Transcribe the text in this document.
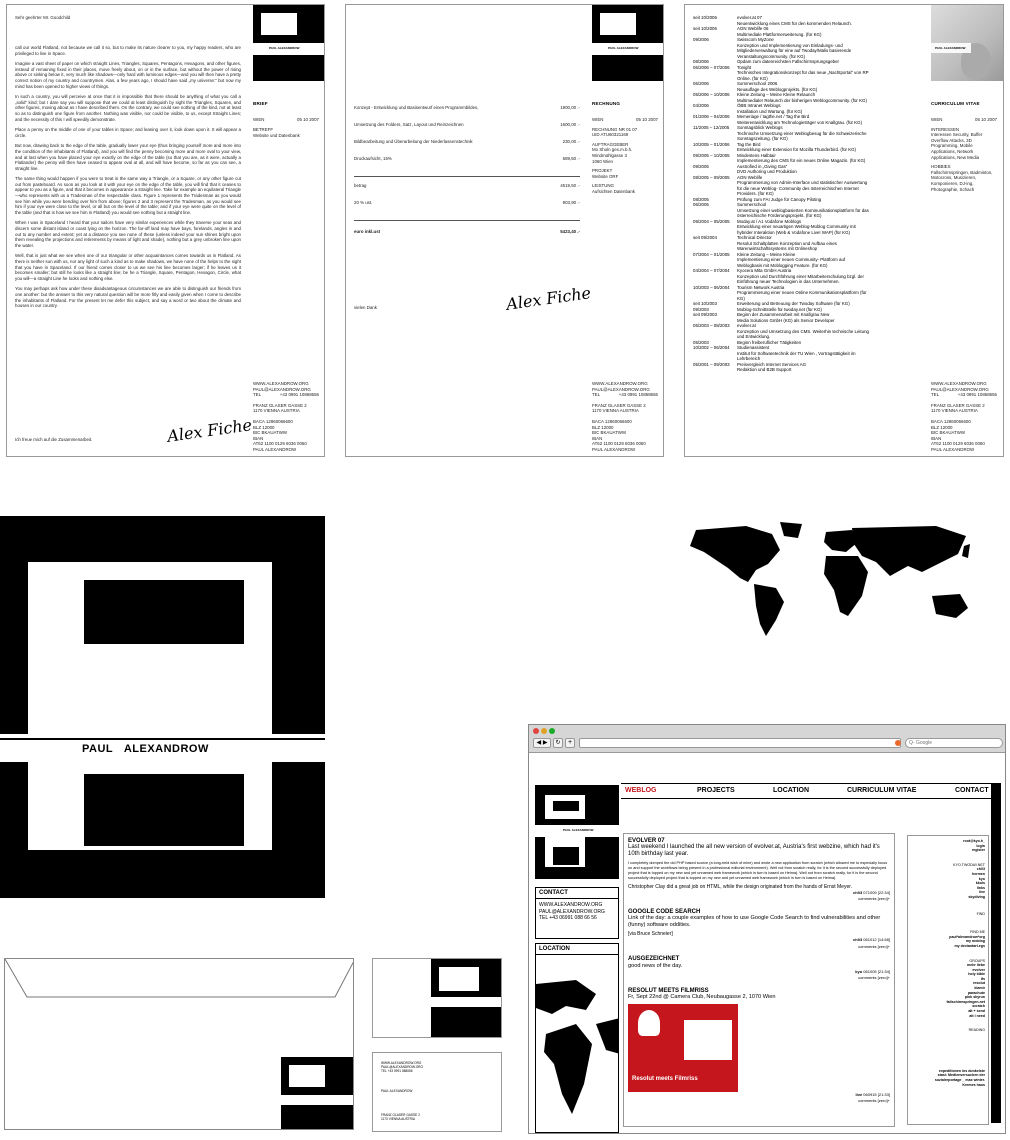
Sehr geehrter Mr. Goodchild

call our world Flatland, not because we call it so, but to make its nature clearer to you, my happy readers, who are privileged to live in Space.

Imagine a vast sheet of paper on which straight Lines, Triangles, Squares, Pentagons, Hexagons, and other figures, instead of remaining fixed in their places, move freely about, on or in the surface, but without the power of rising above or sinking below it, very much like shadows—only hard with luminous edges—and you will then have a pretty correct notion of my country and countrymen. Alas, a few years ago, I should have said „my universe:“ but now my mind has been opened to higher views of things.

In such a country, you will perceive at once that it is impossible that there should be anything of what you call a „solid“ kind; but I dare say you will suppose that we could at least distinguish by sight the Triangles, Squares, and other figures, moving about as I have described them. On the contrary, we could see nothing of the kind, not at least so as to distinguish one figure from another. Nothing was visible, nor could be visible, to us, except Straight Lines; and the necessity of this I will speedily demonstrate.

Place a penny on the middle of one of your tables in Space; and leaning over it, look down upon it. It will appear a circle.

But now, drawing back to the edge of the table, gradually lower your eye (thus bringing yourself more and more into the condition of the inhabitants of Flatland), and you will find the penny becoming more and more oval to your view, and at last when you have placed your eye exactly on the edge of the table (so that you are, as it were, actually a Flatlander) the penny will then have ceased to appear oval at all, and will have become, so far as you can see, a straight line.

The same thing would happen if you were to treat in the same way a Triangle, or a Square, or any other figure cut out from pasteboard. As soon as you look at it with your eye on the edge of the table, you will find that it ceases to appear to you as a figure, and that it becomes in appearance a straight line. Take for example an equilateral Triangle—who represents with us a Tradesman of the respectable class. Figure 1 represents the Tradesman as you would see him while you were bending over him from above; figures 2 and 3 represent the Tradesman, as you would see him if your eye were close to the level, or all but on the level of the table; and if your eye were quite on the level of the table (and that is how we see him in Flatland) you would see nothing but a straight line.

When I was in Spaceland I heard that your sailors have very similar experiences while they traverse your seas and discern some distant island or coast lying on the horizon. The far-off land may have bays, forelands, angles in and out to any number and extent; yet at a distance you see none of these (unless indeed your sun shines bright upon them revealing the projections and retirements by means of light and shade), nothing but a grey unbroken line upon the water.

Well, that is just what we see when one of our triangular or other acquaintances comes towards us in Flatland. As there is neither sun with us, nor any light of such a kind as to make shadows, we have none of the helps to the sight that you have in Spaceland. If our friend comes closer to us we see his line becomes larger; if he leaves us it becomes smaller; but still he looks like a straight line; be he a Triangle, Square, Pentagon, Hexagon, Circle, what you will—a straight Line he looks and nothing else.

You may perhaps ask how under these disadvantageous circumstances we are able to distinguish our friends from one another: but the answer to this very natural question will be more fitly and easily given when I come to describe the inhabitants of Flatland. For the present let me defer this subject, and say a word or two about the climate and houses in our country.

Ich freue mich auf die Zusammenarbeit.	Alex Fiche
PAUL ALEXANDROW
BRIEF
WIEN	05 10 2007
BETREFF
Website und Datenbank
WWW.ALEXANDROW.ORG
PAUL@ALEXANDROW.ORG
TEL	+43 0991 10868656
FRANZ GLASER GASSE 2
1170 VIENNA AUSTRIA
BACA 12860066600
BLZ 12000
BIC BKAUATWW
IBAN
AT62 1100 0129 6036 0060
PAUL ALEXANDROW
Konzept - Entwicklung und Basisentwurf eines Programmbildes,	1900,00 .-
Umsetzung des Folders, Satz, Layout und Reinzeichnen	1600,00 .-
Bildbearbeitung und Überarbeitung der Niederlassenstechnik	230,00 .-
Druckaufsicht, 15%	589,50 .-
betrag	4519,50 .-
20 % ust.	903,90 .-
euro inkl.ust	5423,40 .-
vielen Dank	Alex Fiche
PAUL ALEXANDROW
RECHNUNG
WIEN	05 10 2007
RECHNUNG NR 01 07
UID ATU60321169
AUFTRAGGEBER
Mo Sholn ges.m.b.h.
Windmühlgasse 3
1060 Wien
PROJEKT
Website ORF
LEISTUNG
Aufsichten Datenbank
WWW.ALEXANDROW.ORG
PAUL@ALEXANDROW.ORG
TEL	+43 0991 10868656
FRANZ GLASER GASSE 2
1170 VIENNA AUSTRIA
BACA 12860066600
BLZ 12000
BIC BKAUATWW
IBAN
AT62 1100 0129 6036 0060
PAUL ALEXANDROW
seit 10/2006	evolver.at 07
Neuentwicklung eines CMS für den kommenden Relaunch.
seit 10/2006	AON Weblife 06
Multimediale Plattformerweiterung. (für KG)
09/2006	Swisscom MyZone
Konzeption und Implementierung von Einladungs- und
Mitgliederverwaltung für eine auf Twoday/Malis basierende
Veranstaltungscommunity. (für KG)
08/2006	Opdam zum datenreichsten Fallschirmsprungsgeber
06/2006 – 07/2006	Tonight
Technisches Integrationskonzept für das neue „Nachtportal“ von RP
Online. (für KG)
06/2006	Sommerschool 2006
Neuauflage des Weblogprojekts. (für KG)
05/2006 – 10/2006	Kleine Zeitung – Meine Kleine Relaunch
Multimedialer Relaunch der bisherigen Weblogcommunity. (für KG)
04/2006	ÖBB Intranet Weblogs
Installation und Wartung. (für KG)
01/2006 – 04/2006	Memeriage / tagthe.net / Tag the Bird
Weiterentwicklung am Technologieträger von Knallgrau. (für KG)
11/2005 – 12/2005	Sonntagsblick Weblogs
Technische Umsetzung einer Weblogbesug für die Schweizerische
Sonntagszeitung. (für KG)
10/2005 – 01/2006	Tag the Bird
Entwicklung einer Extension für Mozilla Thunderbird. (für KG)
09/2005 – 10/2005	Mindestens Halbtair
Implementierung des CMS für ein neues Online Magazin. (für KG)
09/2005	Austrofied in „Giving Gas“
DVD Authoring und Produktion
08/2005 – 09/2005	AON Weblife
Programmierung von Admin-Interface und statistischer Auswertung
für die neue Weblog- Community des österreichischen Internet
Providers. (für KG)
08/2005	Prüfung zum FAI Judge für Canopy Piloting
06/2005	Summerschool
Umsetzung einer weblogbasierten Kommunikationsplattform für das
österreichische Förderungsprojekt. (für KG)
09/2004 – 05/2005	Moday.at / A1 Vodafone Moblogs
Entwicklung einer neuartigen Weblog-Moblog Community mit
hybrider Interaktion (Web & Vodafone Live! WAP) (für KG)
seit 09/2004	Technical Director
Resolut Schaltplatten Konzeption und Aufbau eines
Warenwirtschaftssystems mit Onlineshop
07/2004 – 01/2005	Kleine Zeitung – Meine Kleine
Implementierung einer neuen Community- Plattform auf
Weblogbasis mit Moblogging Feature. (für KG)
04/2004 – 07/2004	Kyocera Mita GmbH Austria
Konzeption und Durchführung einer Mitarbeiterschulung bzgl. der
Einführung neuer Technologien in das Unternehmen.
10/2003 – 06/2004	Tourism Network Austria
Programmierung einer neuen Online Kommunikationsplattform (für
KG)
seit 10/2003	Erweiterung und Betreuung der Twoday Software (für KG)
09/2003	Moblog-Schnittstelle für twoday.net (für KG)
seit 09/2003	Beginn der Zusammenarbeit mit Knallgrau New
Media Solutions GmbH (KG) als Senior Developer
05/2003 – 08/2003	evolver.at
Konzeption und Umsetzung des CMS. Weiterhin technische Leitung
und Entwicklung.
05/2003	Beginn freiberuflicher Tätigkeiten
10/2002 – 06/2004	Studienassistent
Institut für Softwaretechnik der TU Wien , Vortragstätigkeit im
Lehrbereich
05/2001 – 09/2003	Preisvergleich Internet Services AG
Redaktion und B2B Support
PAUL ALEXANDROW
CURRICULUM VITAE
WIEN	05 10 2007
INTERESSEN
Interessen Security, Buffer Overflow Attacks, 3D Programming, Mobile Applications, Network Applications, New Media
HOBBIES
Fallschirmspringen, Badminton, Motocross, Musizieren, Komponieren, DJ-ing, Photographie, Schach
WWW.ALEXANDROW.ORG
PAUL@ALEXANDROW.ORG
TEL	+43 0991 10868656
FRANZ GLASER GASSE 2
1170 VIENNA AUSTRIA
BACA 12860066600
BLZ 12000
BIC BKAUATWW
IBAN
AT62 1100 0129 6036 0060
PAUL ALEXANDROW
PAUL ALEXANDROW
WWW.ALEXANDROW.ORG
PAUL@ALEXANDROW.ORG
TEL +43 0991 088656
PAUL ALEXANDROW
FRANZ GLASER GASSE 2
1170 VIENNA AUSTRIA
◀ ▶	↻	+
Q- Google
PAUL ALEXANDROW
WEBLOG	PROJECTS	LOCATION	CURRICULUM VITAE	CONTACT
CONTACT
WWW.ALEXANDROW.ORG
PAUL@ALEXANDROW.ORG
TEL +43 06991 088 66 56
LOCATION
EVOLVER 07
Last weekend I launched the all new version of evolver.at, Austria's first webzine, which had it's 10th birthday last year.
I completely dumped the old PHP based source (a long-held wish of mine) and wrote a new application from scratch (which allowed me to especially focus on and support the workflows being present in a professional editorial environment). Well not from scratch really, for it is the second successfully deployed project that is topped on my new and yet unnamed web framework (which in turn is based on Helma). Well not from scratch really, for it is the second successfully deployed project that is topped on my new and yet unnamed web framework (which in turn is based on Helma).
Christopher Clay did a great job on HTML, while the design originated from the hands of Ernst Meyer.
ch03 071009 [22:34]
comments [zero]+
GOOGLE CODE SEARCH
Link of the day: a couple examples of how to use Google Code Search to find vulnerabilities and other (funny) software oddities.
[via Bruce Schneier]
ch03 061012 [14:58]
comments [zero]+
AUSGEZEICHNET
good news of the day.
kyo 061005 [21:34]
comments [zero]+
RESOLUT MEETS FILMRISS
Fr, Sept 22nd @ Camera Club, Neubaugasse 2, 1070 Wien
Resolut meets Filmriss
live 060915 [21:33]
comments [zero]+
root@kyo.h_
login
register
KYO.TWODAY.NET
ch03
hermen
kyo
kkuls
links
live
skydiving
FIND
FIND ME
paul*alexandrow*org
my moblog
my deviantart.egs
GROUPS
mehr liebe
evolver
holy bible
ifs
resolut
klamir
parachute
pink skyrun
fallschirmspringen.net
scratch
alt + send
alt i need
READING
expeditionen ins dunkelste
stasi: Medienversuchen der
sozialreportage _ max winter.
Kremes haus
